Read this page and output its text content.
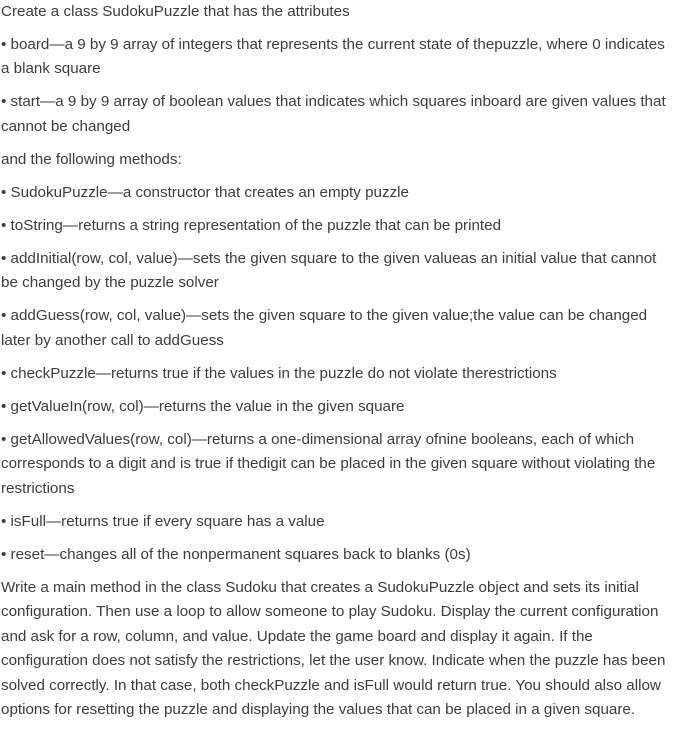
Create a class SudokuPuzzle that has the attributes

• board—a 9 by 9 array of integers that represents the current state of thepuzzle, where 0 indicates a blank square

• start—a 9 by 9 array of boolean values that indicates which squares inboard are given values that cannot be changed

and the following methods:

• SudokuPuzzle—a constructor that creates an empty puzzle

• toString—returns a string representation of the puzzle that can be printed

• addInitial(row, col, value)—sets the given square to the given valueas an initial value that cannot be changed by the puzzle solver

• addGuess(row, col, value)—sets the given square to the given value;the value can be changed later by another call to addGuess

• checkPuzzle—returns true if the values in the puzzle do not violate therestrictions

• getValueIn(row, col)—returns the value in the given square

• getAllowedValues(row, col)—returns a one-dimensional array ofnine booleans, each of which corresponds to a digit and is true if thedigit can be placed in the given square without violating the restrictions

• isFull—returns true if every square has a value

• reset—changes all of the nonpermanent squares back to blanks (0s)

Write a main method in the class Sudoku that creates a SudokuPuzzle object and sets its initial configuration. Then use a loop to allow someone to play Sudoku. Display the current configuration and ask for a row, column, and value. Update the game board and display it again. If the configuration does not satisfy the restrictions, let the user know. Indicate when the puzzle has been solved correctly. In that case, both checkPuzzle and isFull would return true. You should also allow options for resetting the puzzle and displaying the values that can be placed in a given square.
